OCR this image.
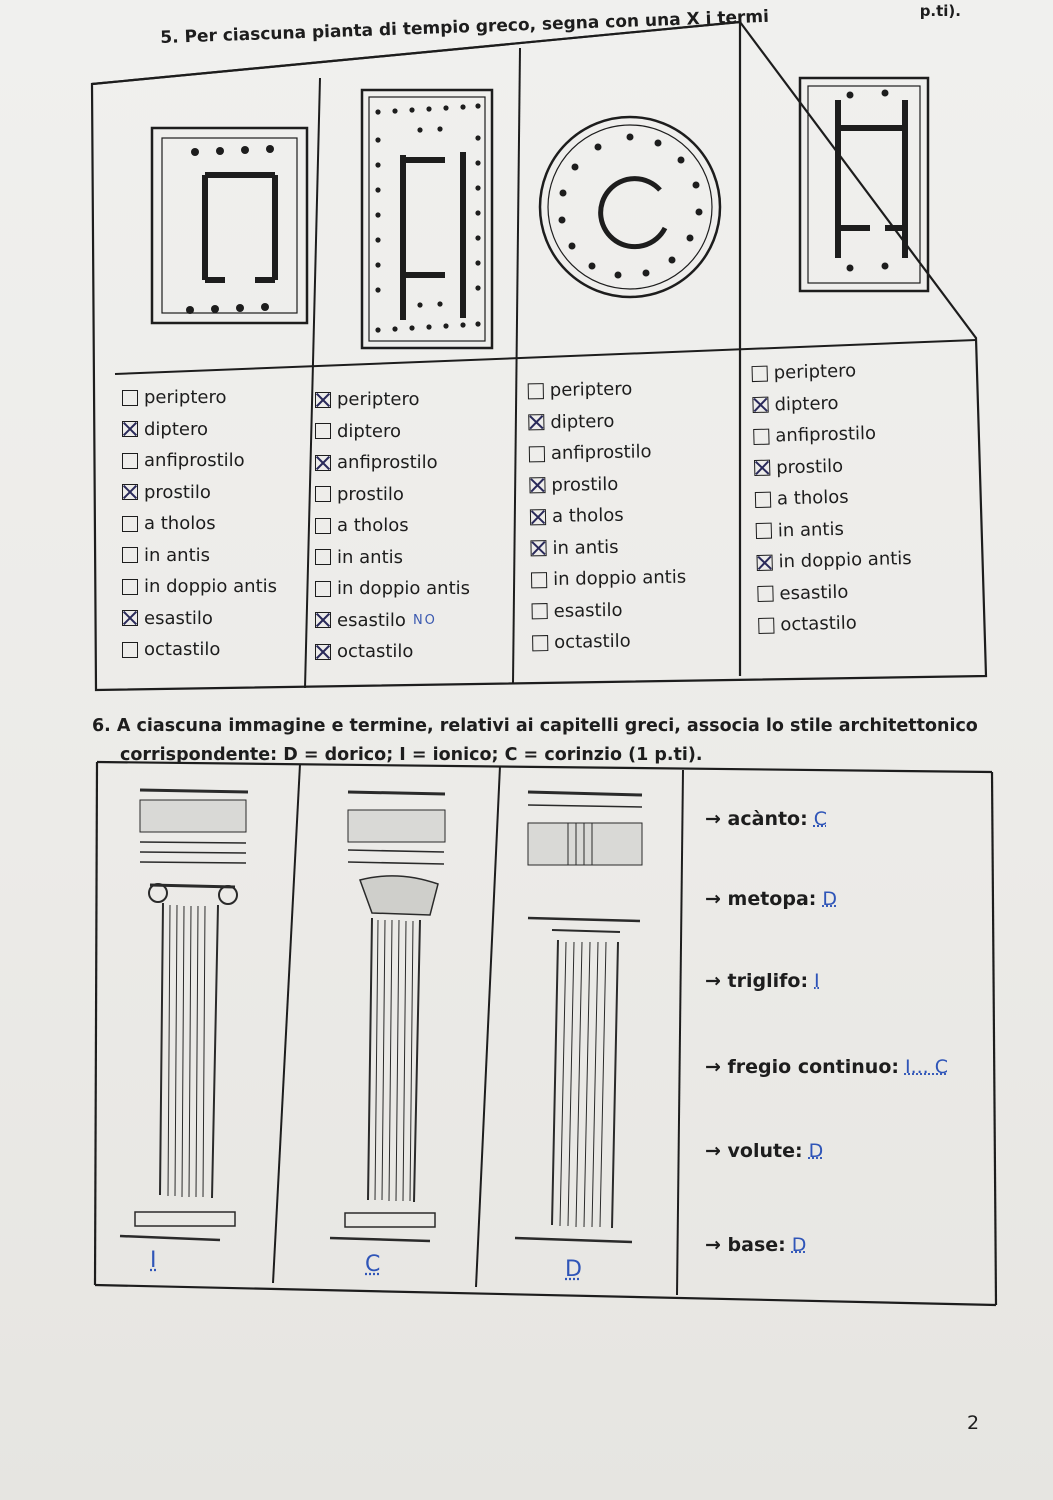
p.ti).
5. Per ciascuna pianta di tempio greco, segna con una X i termi
periptero
diptero
anfiprostilo
prostilo
a tholos
in antis
in doppio antis
esastilo
octastilo
periptero
diptero
anfiprostilo
prostilo
a tholos
in antis
in doppio antis
esastilo NO
octastilo
periptero
diptero
anfiprostilo
prostilo
a tholos
in antis
in doppio antis
esastilo
octastilo
periptero
diptero
anfiprostilo
prostilo
a tholos
in antis
in doppio antis
esastilo
octastilo
6. A ciascuna immagine e termine, relativi ai capitelli greci, associa lo stile architettonico
corrispondente: D = dorico; I = ionico; C = corinzio (1 p.ti).
I	C	D
→ acànto: C
→ metopa: D
→ triglifo: I
→ fregio continuo: I... C
→ volute: D
→ base: D
2
